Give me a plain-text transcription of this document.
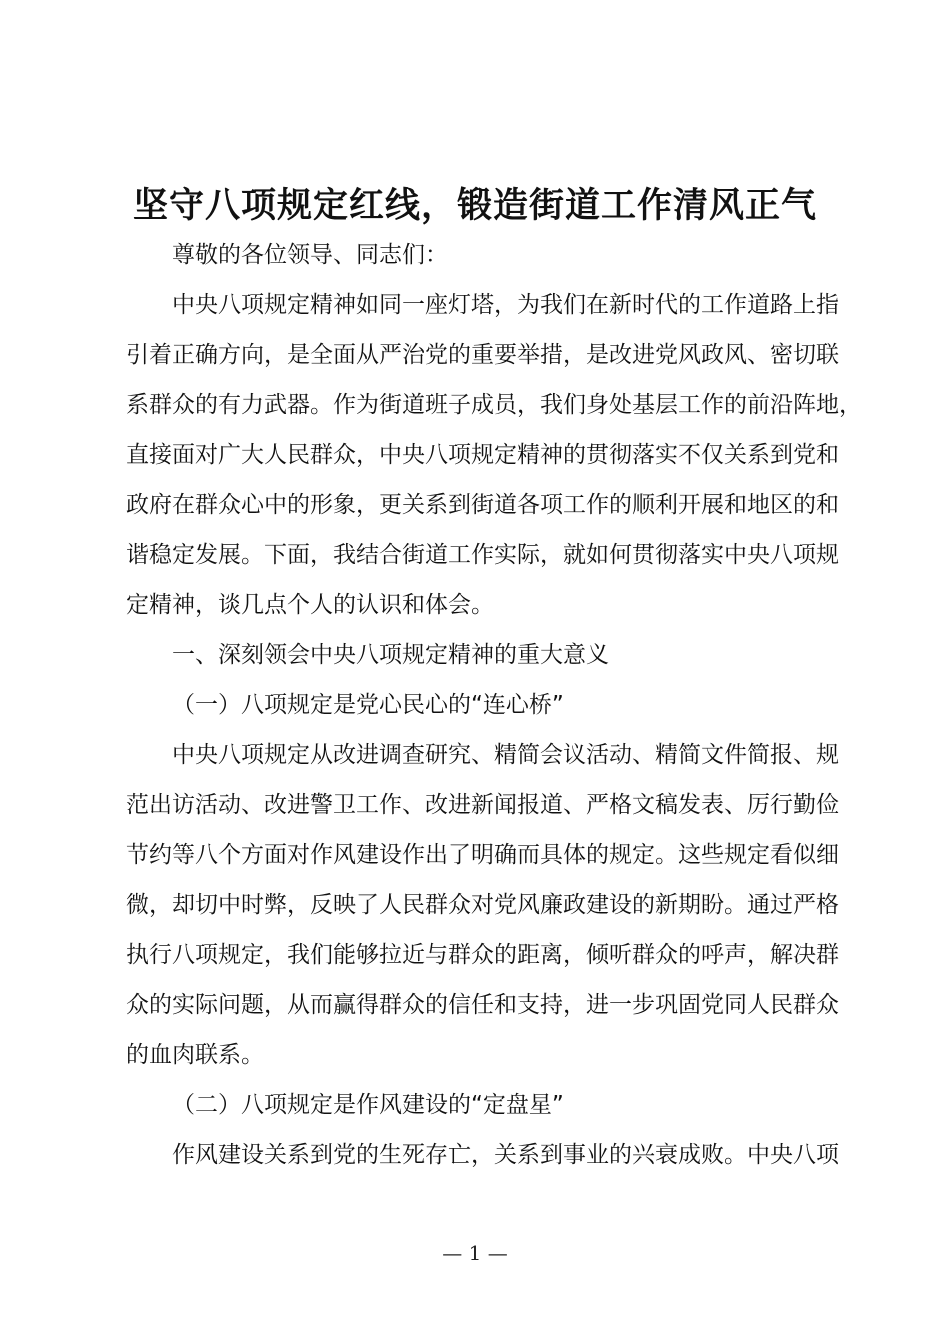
坚守八项规定红线，锻造街道工作清风正气
尊敬的各位领导、同志们：
中央八项规定精神如同一座灯塔，为我们在新时代的工作道路上指
引着正确方向，是全面从严治党的重要举措，是改进党风政风、密切联
系群众的有力武器。作为街道班子成员，我们身处基层工作的前沿阵地，
直接面对广大人民群众，中央八项规定精神的贯彻落实不仅关系到党和
政府在群众心中的形象，更关系到街道各项工作的顺利开展和地区的和
谐稳定发展。下面，我结合街道工作实际，就如何贯彻落实中央八项规
定精神，谈几点个人的认识和体会。
一、深刻领会中央八项规定精神的重大意义
（一）八项规定是党心民心的“连心桥”
中央八项规定从改进调查研究、精简会议活动、精简文件简报、规
范出访活动、改进警卫工作、改进新闻报道、严格文稿发表、厉行勤俭
节约等八个方面对作风建设作出了明确而具体的规定。这些规定看似细
微，却切中时弊，反映了人民群众对党风廉政建设的新期盼。通过严格
执行八项规定，我们能够拉近与群众的距离，倾听群众的呼声，解决群
众的实际问题，从而赢得群众的信任和支持，进一步巩固党同人民群众
的血肉联系。
（二）八项规定是作风建设的“定盘星”
作风建设关系到党的生死存亡，关系到事业的兴衰成败。中央八项
— 1 —
